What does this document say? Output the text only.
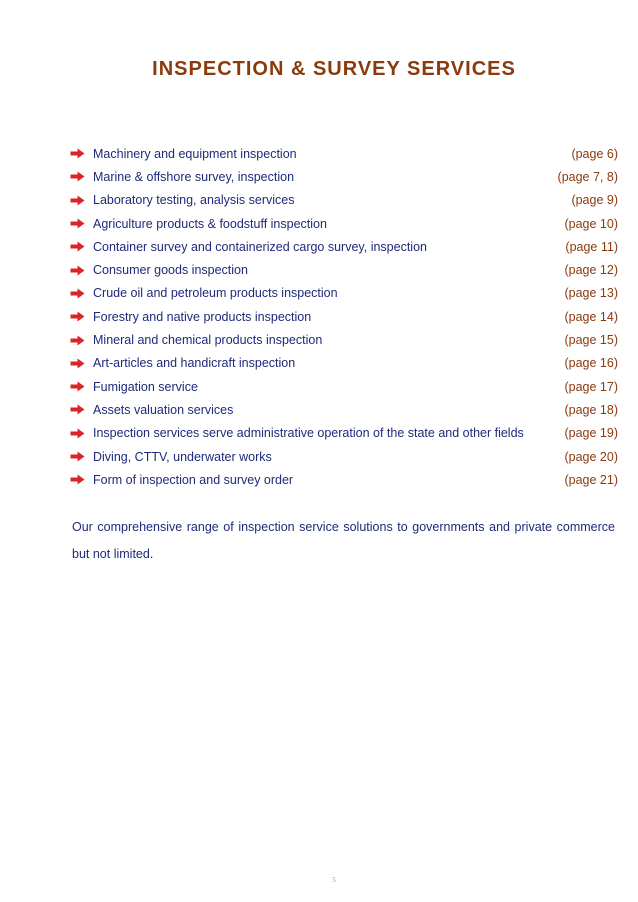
INSPECTION & SURVEY SERVICES
Machinery and equipment inspection	(page 6)
Marine & offshore survey, inspection	(page 7, 8)
Laboratory testing, analysis services	(page 9)
Agriculture products & foodstuff inspection	(page 10)
Container survey and containerized cargo survey, inspection	(page 11)
Consumer goods inspection	(page 12)
Crude oil and petroleum products inspection	(page 13)
Forestry and native products inspection	(page 14)
Mineral and chemical products inspection	(page 15)
Art-articles and handicraft inspection	(page 16)
Fumigation service	(page 17)
Assets valuation services	(page 18)
Inspection services serve administrative operation of the state and other fields	(page 19)
Diving, CTTV, underwater works	(page 20)
Form of inspection and survey order	(page 21)
Our comprehensive range of inspection service solutions to governments and private commerce but not limited.
5
